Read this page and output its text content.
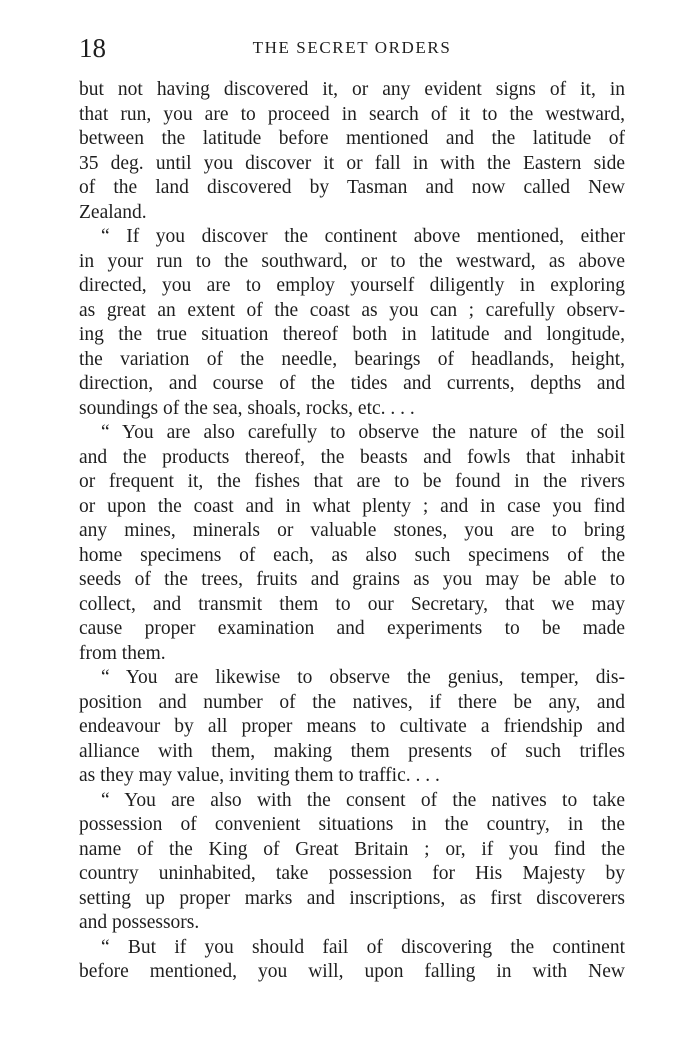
18	THE SECRET ORDERS
but not having discovered it, or any evident signs of it, in
that run, you are to proceed in search of it to the westward,
between the latitude before mentioned and the latitude of
35 deg. until you discover it or fall in with the Eastern side
of the land discovered by Tasman and now called New
Zealand.
“ If you discover the continent above mentioned, either
in your run to the southward, or to the westward, as above
directed, you are to employ yourself diligently in exploring
as great an extent of the coast as you can ; carefully observ-
ing the true situation thereof both in latitude and longitude,
the variation of the needle, bearings of headlands, height,
direction, and course of the tides and currents, depths and
soundings of the sea, shoals, rocks, etc. . . .
“ You are also carefully to observe the nature of the soil
and the products thereof, the beasts and fowls that inhabit
or frequent it, the fishes that are to be found in the rivers
or upon the coast and in what plenty ; and in case you find
any mines, minerals or valuable stones, you are to bring
home specimens of each, as also such specimens of the
seeds of the trees, fruits and grains as you may be able to
collect, and transmit them to our Secretary, that we may
cause proper examination and experiments to be made
from them.
“ You are likewise to observe the genius, temper, dis-
position and number of the natives, if there be any, and
endeavour by all proper means to cultivate a friendship and
alliance with them, making them presents of such trifles
as they may value, inviting them to traffic. . . .
“ You are also with the consent of the natives to take
possession of convenient situations in the country, in the
name of the King of Great Britain ; or, if you find the
country uninhabited, take possession for His Majesty by
setting up proper marks and inscriptions, as first discoverers
and possessors.
“ But if you should fail of discovering the continent
before mentioned, you will, upon falling in with New
